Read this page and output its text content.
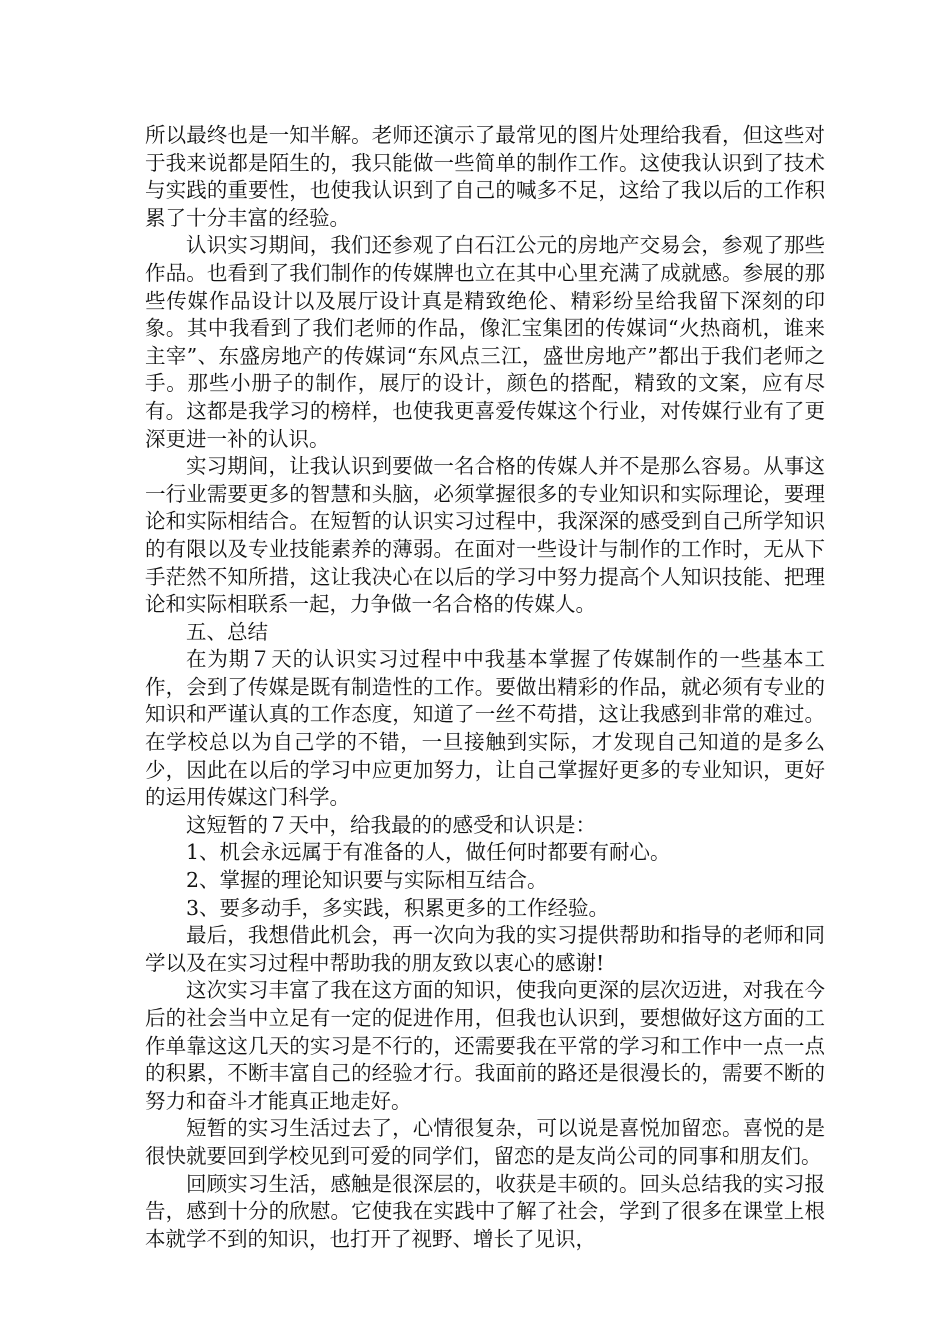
所以最终也是一知半解。老师还演示了最常见的图片处理给我看，但这些对于我来说都是陌生的，我只能做一些简单的制作工作。这使我认识到了技术与实践的重要性，也使我认识到了自己的喊多不足，这给了我以后的工作积累了十分丰富的经验。

认识实习期间，我们还参观了白石江公元的房地产交易会，参观了那些作品。也看到了我们制作的传媒牌也立在其中心里充满了成就感。参展的那些传媒作品设计以及展厅设计真是精致绝伦、精彩纷呈给我留下深刻的印象。其中我看到了我们老师的作品，像汇宝集团的传媒词“火热商机，谁来主宰”、东盛房地产的传媒词“东风点三江，盛世房地产”都出于我们老师之手。那些小册子的制作，展厅的设计，颜色的搭配，精致的文案，应有尽有。这都是我学习的榜样，也使我更喜爱传媒这个行业，对传媒行业有了更深更进一补的认识。

实习期间，让我认识到要做一名合格的传媒人并不是那么容易。从事这一行业需要更多的智慧和头脑，必须掌握很多的专业知识和实际理论，要理论和实际相结合。在短暂的认识实习过程中，我深深的感受到自己所学知识的有限以及专业技能素养的薄弱。在面对一些设计与制作的工作时，无从下手茫然不知所措，这让我决心在以后的学习中努力提高个人知识技能、把理论和实际相联系一起，力争做一名合格的传媒人。

五、总结

在为期７天的认识实习过程中中我基本掌握了传媒制作的一些基本工作，会到了传媒是既有制造性的工作。要做出精彩的作品，就必须有专业的知识和严谨认真的工作态度，知道了一丝不苟措，这让我感到非常的难过。在学校总以为自己学的不错，一旦接触到实际，才发现自己知道的是多么少，因此在以后的学习中应更加努力，让自己掌握好更多的专业知识，更好的运用传媒这门科学。

这短暂的７天中，给我最的的感受和认识是：

1、机会永远属于有准备的人，做任何时都要有耐心。

2、掌握的理论知识要与实际相互结合。

3、要多动手，多实践，积累更多的工作经验。

最后，我想借此机会，再一次向为我的实习提供帮助和指导的老师和同学以及在实习过程中帮助我的朋友致以衷心的感谢!

这次实习丰富了我在这方面的知识，使我向更深的层次迈进，对我在今后的社会当中立足有一定的促进作用，但我也认识到，要想做好这方面的工作单靠这这几天的实习是不行的，还需要我在平常的学习和工作中一点一点的积累，不断丰富自己的经验才行。我面前的路还是很漫长的，需要不断的努力和奋斗才能真正地走好。

短暂的实习生活过去了，心情很复杂，可以说是喜悦加留恋。喜悦的是很快就要回到学校见到可爱的同学们，留恋的是友尚公司的同事和朋友们。

回顾实习生活，感触是很深层的，收获是丰硕的。回头总结我的实习报告，感到十分的欣慰。它使我在实践中了解了社会，学到了很多在课堂上根本就学不到的知识，也打开了视野、增长了见识，
